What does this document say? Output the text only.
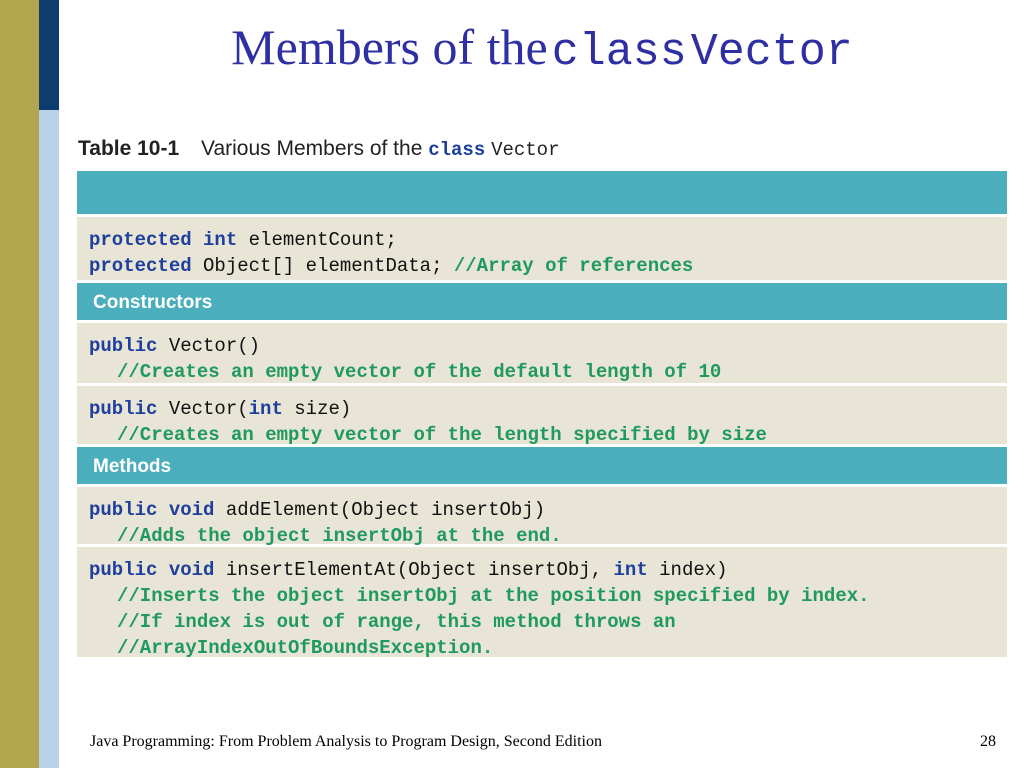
Members of the class Vector
Table 10-1 Various Members of the class Vector
protected int elementCount;
protected Object[] elementData; //Array of references
Constructors
public Vector()
//Creates an empty vector of the default length of 10
public Vector(int size)
//Creates an empty vector of the length specified by size
Methods
public void addElement(Object insertObj)
//Adds the object insertObj at the end.
public void insertElementAt(Object insertObj, int index)
//Inserts the object insertObj at the position specified by index.
//If index is out of range, this method throws an
//ArrayIndexOutOfBoundsException.
Java Programming: From Problem Analysis to Program Design, Second Edition	28
